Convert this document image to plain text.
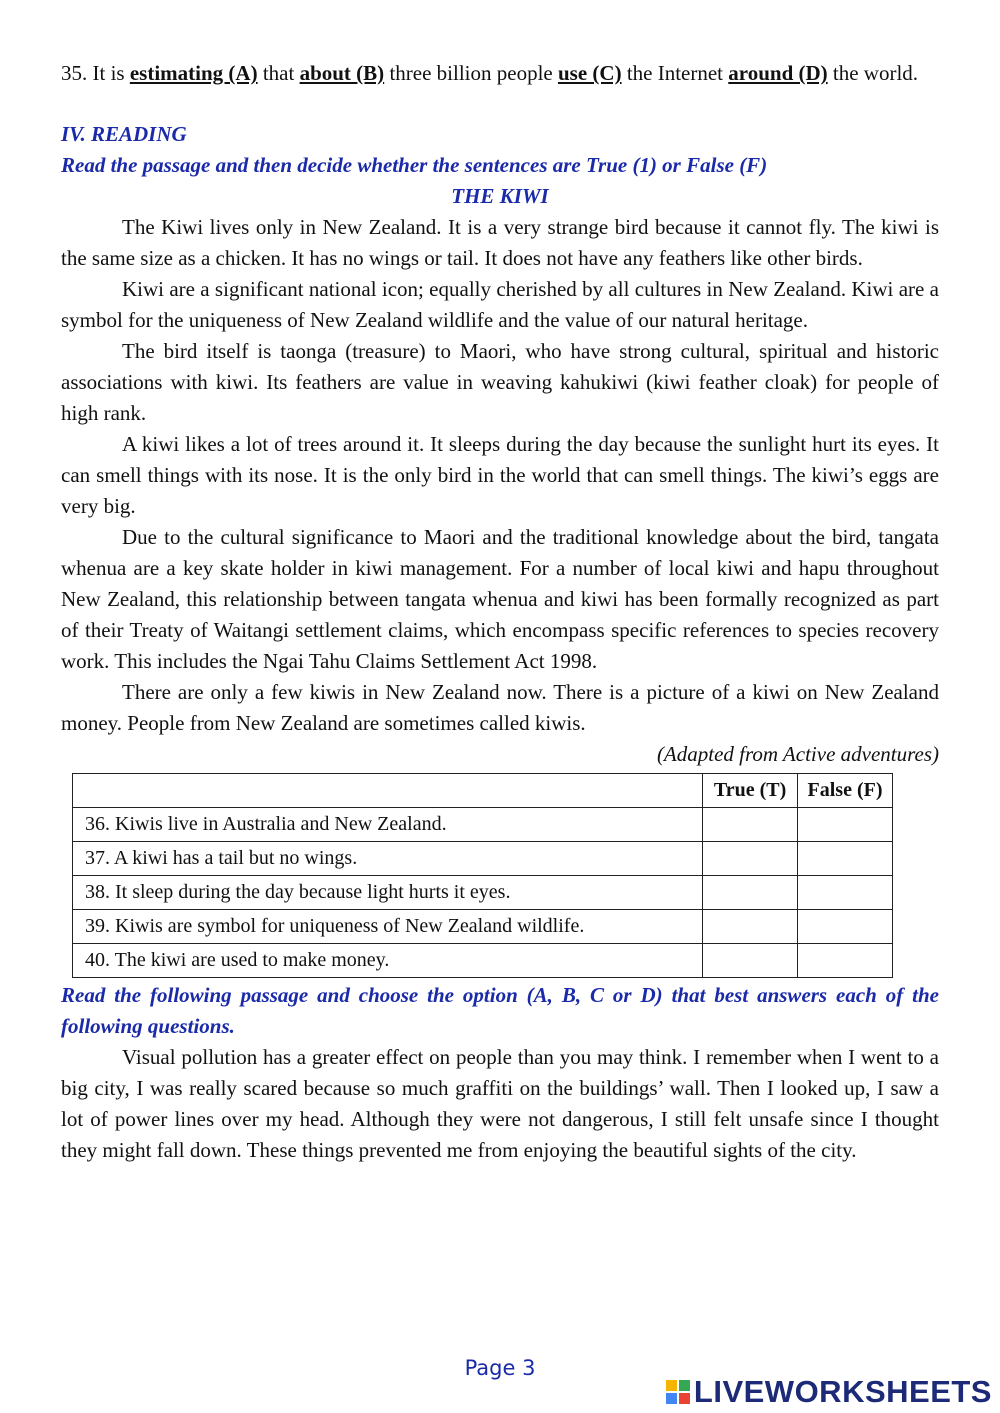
35. It is estimating (A) that about (B) three billion people use (C) the Internet around (D) the world.

IV. READING

Read the passage and then decide whether the sentences are True (1) or False (F)

THE KIWI

The Kiwi lives only in New Zealand. It is a very strange bird because it cannot fly. The kiwi is the same size as a chicken. It has no wings or tail. It does not have any feathers like other birds.

Kiwi are a significant national icon; equally cherished by all cultures in New Zealand. Kiwi are a symbol for the uniqueness of New Zealand wildlife and the value of our natural heritage.

The bird itself is taonga (treasure) to Maori, who have strong cultural, spiritual and historic associations with kiwi. Its feathers are value in weaving kahukiwi (kiwi feather cloak) for people of high rank.

A kiwi likes a lot of trees around it. It sleeps during the day because the sunlight hurt its eyes. It can smell things with its nose. It is the only bird in the world that can smell things. The kiwi’s eggs are very big.

Due to the cultural significance to Maori and the traditional knowledge about the bird, tangata whenua are a key skate holder in kiwi management. For a number of local kiwi and hapu throughout New Zealand, this relationship between tangata whenua and kiwi has been formally recognized as part of their Treaty of Waitangi settlement claims, which encompass specific references to species recovery work. This includes the Ngai Tahu Claims Settlement Act 1998.

There are only a few kiwis in New Zealand now. There is a picture of a kiwi on New Zealand money. People from New Zealand are sometimes called kiwis.

(Adapted from Active adventures)

	True (T)	False (F)
36. Kiwis live in Australia and New Zealand.		
37. A kiwi has a tail but no wings.		
38. It sleep during the day because light hurts it eyes.		
39. Kiwis are symbol for uniqueness of New Zealand wildlife.		
40. The kiwi are used to make money.		

Read the following passage and choose the option (A, B, C or D) that best answers each of the following questions.

Visual pollution has a greater effect on people than you may think. I remember when I went to a big city, I was really scared because so much graffiti on the buildings’ wall. Then I looked up, I saw a lot of power lines over my head. Although they were not dangerous, I still felt unsafe since I thought they might fall down. These things prevented me from enjoying the beautiful sights of the city.

Page 3
LIVEWORKSHEETS
